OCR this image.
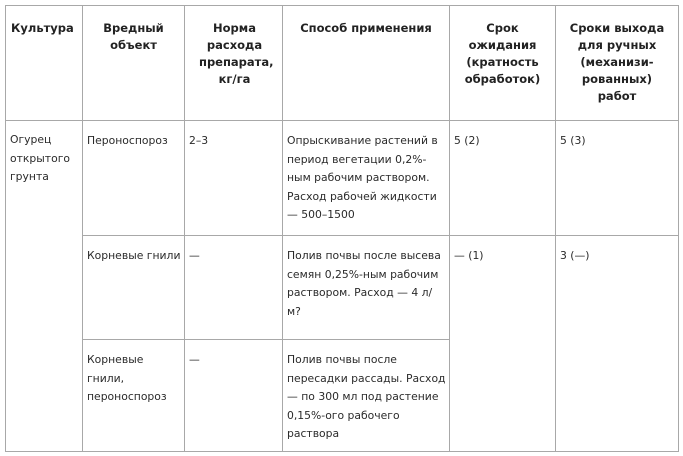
Культура	Вредный объект	Норма расхода препарата, кг/га	Способ применения	Срок ожидания (кратность обработок)	Сроки выхода для ручных (механизи-рованных) работ
Огурец открытого грунта	Пероноспороз	2–3	Опрыскивание растений в период вегетации 0,2%-ным рабочим раствором. Расход рабочей жидкости — 500–1500	5 (2)	5 (3)
	Корневые гнили	—	Полив почвы после высева семян 0,25%-ным рабочим раствором. Расход — 4 л/м?	— (1)	3 (—)
	Корневые гнили, пероноспороз	—	Полив почвы после пересадки рассады. Расход — по 300 мл под растение 0,15%-ого рабочего раствора		
